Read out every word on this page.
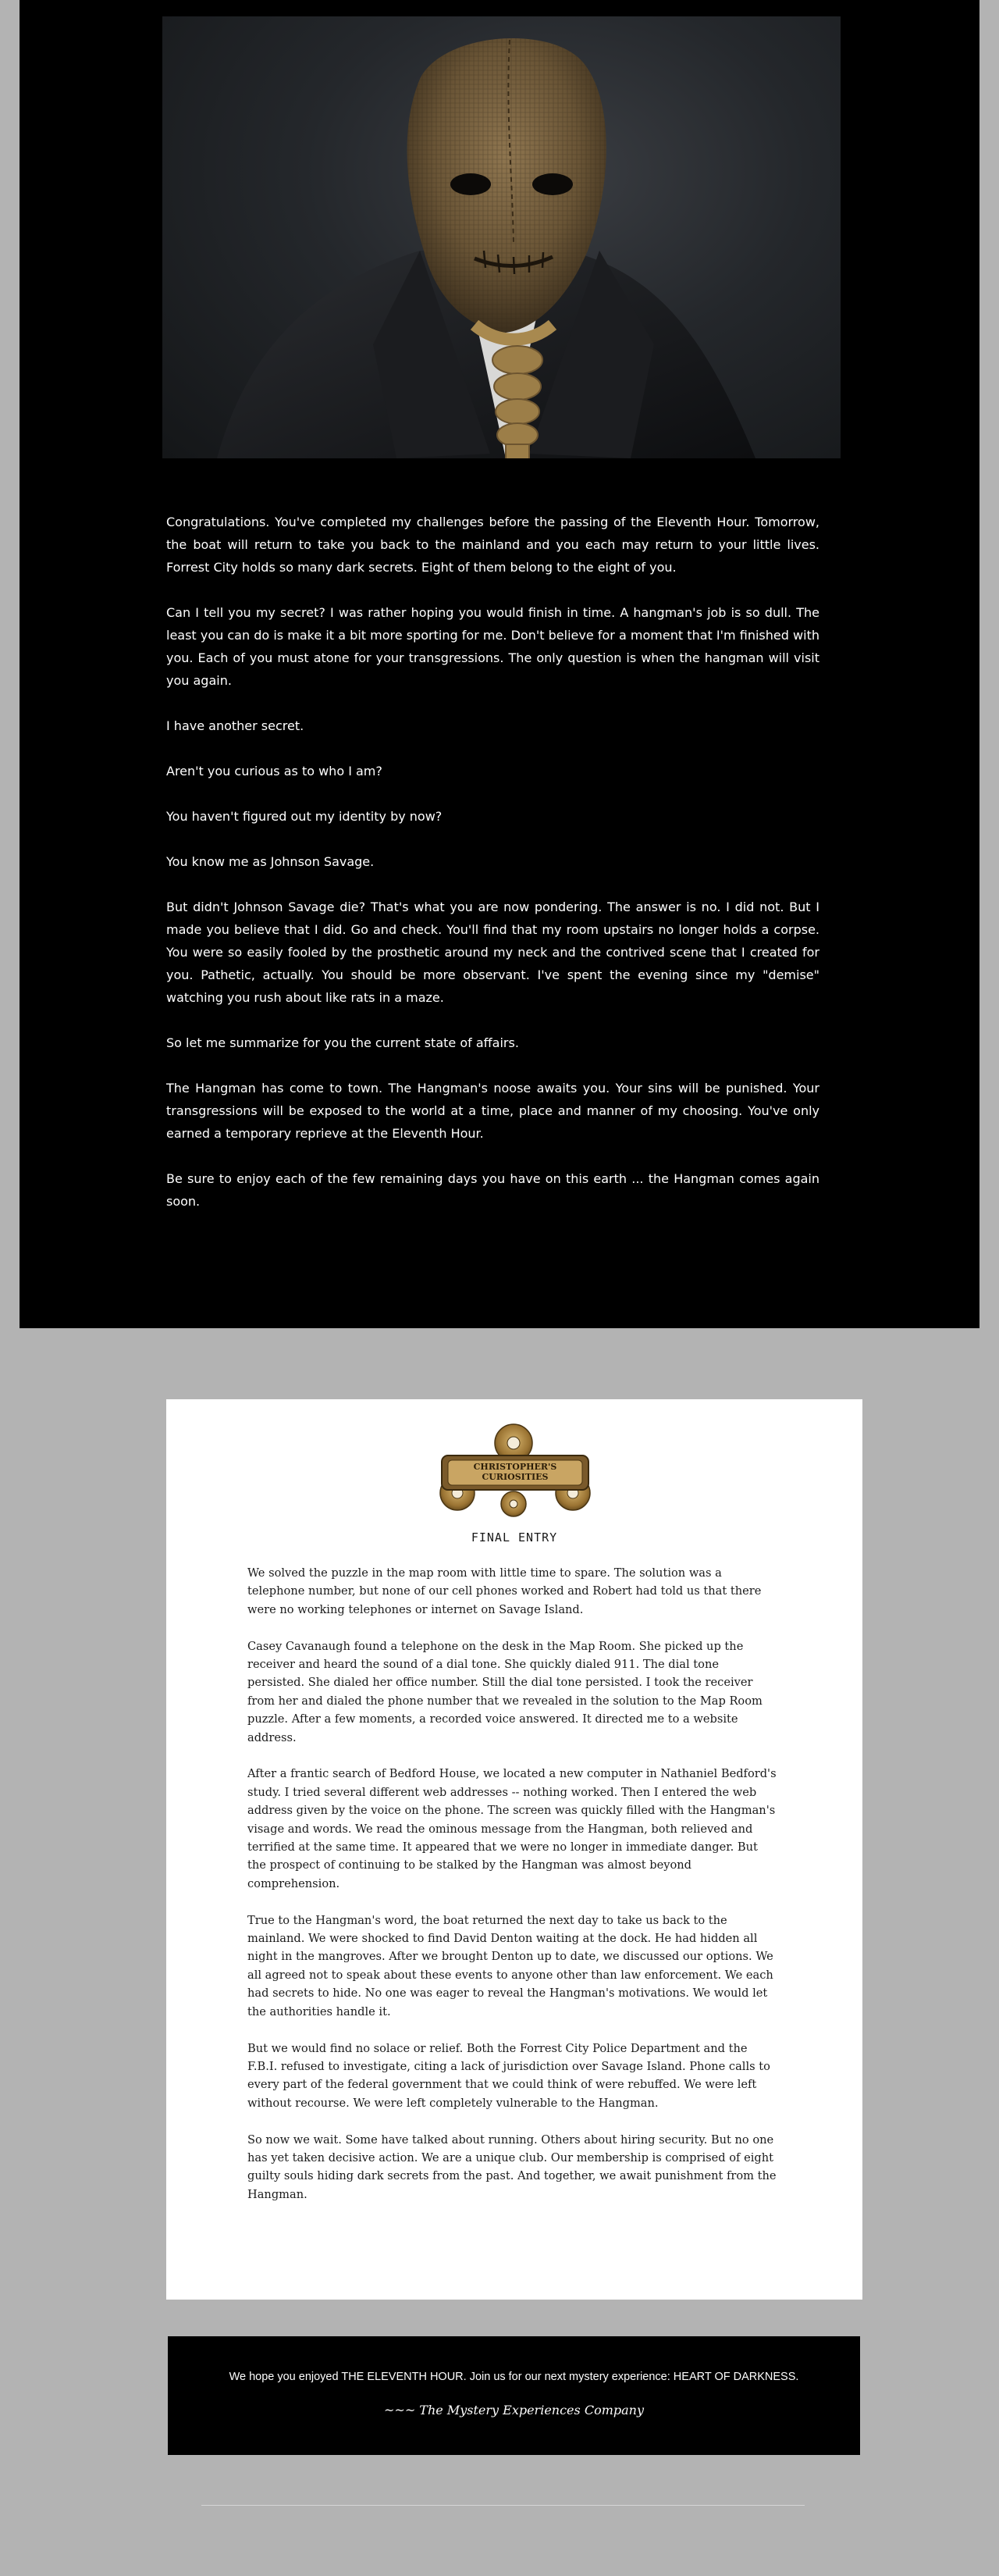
Congratulations. You've completed my challenges before the passing of the Eleventh Hour. Tomorrow, the boat will return to take you back to the mainland and you each may return to your little lives. Forrest City holds so many dark secrets. Eight of them belong to the eight of you.

Can I tell you my secret? I was rather hoping you would finish in time. A hangman's job is so dull. The least you can do is make it a bit more sporting for me. Don't believe for a moment that I'm finished with you. Each of you must atone for your transgressions. The only question is when the hangman will visit you again.

I have another secret.

Aren't you curious as to who I am?

You haven't figured out my identity by now?

You know me as Johnson Savage.

But didn't Johnson Savage die? That's what you are now pondering. The answer is no. I did not. But I made you believe that I did. Go and check. You'll find that my room upstairs no longer holds a corpse. You were so easily fooled by the prosthetic around my neck and the contrived scene that I created for you. Pathetic, actually. You should be more observant. I've spent the evening since my "demise" watching you rush about like rats in a maze.

So let me summarize for you the current state of affairs.

The Hangman has come to town. The Hangman's noose awaits you. Your sins will be punished. Your transgressions will be exposed to the world at a time, place and manner of my choosing. You've only earned a temporary reprieve at the Eleventh Hour.

Be sure to enjoy each of the few remaining days you have on this earth ... the Hangman comes again soon.

CHRISTOPHER'S
CURIOSITIES
FINAL ENTRY

We solved the puzzle in the map room with little time to spare. The solution was a telephone number, but none of our cell phones worked and Robert had told us that there were no working telephones or internet on Savage Island.

Casey Cavanaugh found a telephone on the desk in the Map Room. She picked up the receiver and heard the sound of a dial tone. She quickly dialed 911. The dial tone persisted. She dialed her office number. Still the dial tone persisted. I took the receiver from her and dialed the phone number that we revealed in the solution to the Map Room puzzle. After a few moments, a recorded voice answered. It directed me to a website address.

After a frantic search of Bedford House, we located a new computer in Nathaniel Bedford's study. I tried several different web addresses -- nothing worked. Then I entered the web address given by the voice on the phone. The screen was quickly filled with the Hangman's visage and words. We read the ominous message from the Hangman, both relieved and terrified at the same time. It appeared that we were no longer in immediate danger. But the prospect of continuing to be stalked by the Hangman was almost beyond comprehension.

True to the Hangman's word, the boat returned the next day to take us back to the mainland. We were shocked to find David Denton waiting at the dock. He had hidden all night in the mangroves. After we brought Denton up to date, we discussed our options. We all agreed not to speak about these events to anyone other than law enforcement. We each had secrets to hide. No one was eager to reveal the Hangman's motivations. We would let the authorities handle it.

But we would find no solace or relief. Both the Forrest City Police Department and the F.B.I. refused to investigate, citing a lack of jurisdiction over Savage Island. Phone calls to every part of the federal government that we could think of were rebuffed. We were left without recourse. We were left completely vulnerable to the Hangman.

So now we wait. Some have talked about running. Others about hiring security. But no one has yet taken decisive action. We are a unique club. Our membership is comprised of eight guilty souls hiding dark secrets from the past. And together, we await punishment from the Hangman.

We hope you enjoyed THE ELEVENTH HOUR. Join us for our next mystery experience: HEART OF DARKNESS.
~~~ The Mystery Experiences Company
